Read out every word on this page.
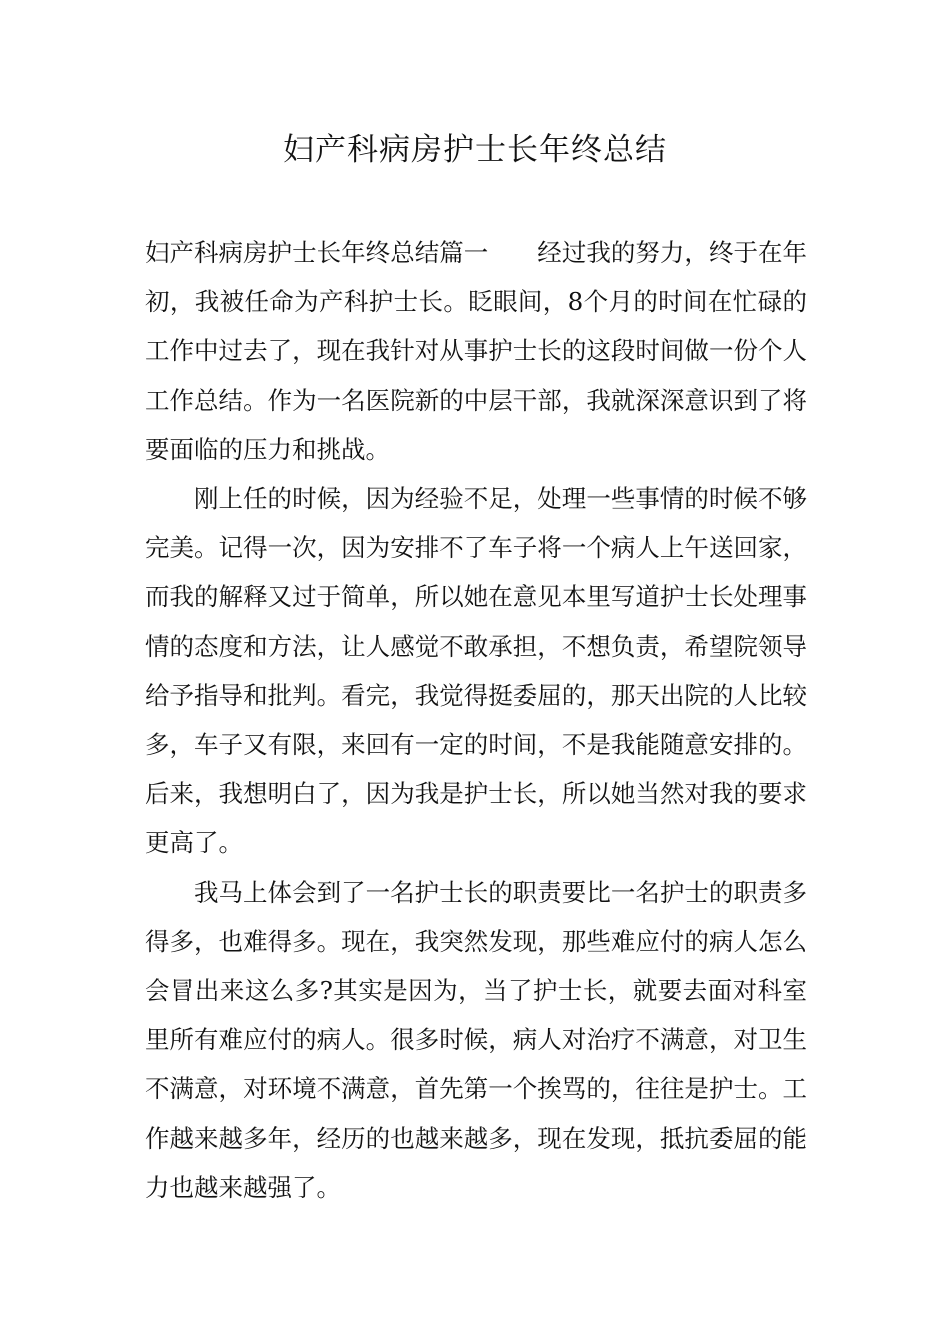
妇产科病房护士长年终总结

妇产科病房护士长年终总结篇一 经过我的努力，终于在年初，我被任命为产科护士长。眨眼间，8个月的时间在忙碌的工作中过去了，现在我针对从事护士长的这段时间做一份个人工作总结。作为一名医院新的中层干部，我就深深意识到了将要面临的压力和挑战。

刚上任的时候，因为经验不足，处理一些事情的时候不够完美。记得一次，因为安排不了车子将一个病人上午送回家，而我的解释又过于简单，所以她在意见本里写道护士长处理事情的态度和方法，让人感觉不敢承担，不想负责，希望院领导给予指导和批判。看完，我觉得挺委屈的，那天出院的人比较多，车子又有限，来回有一定的时间，不是我能随意安排的。后来，我想明白了，因为我是护士长，所以她当然对我的要求更高了。

我马上体会到了一名护士长的职责要比一名护士的职责多得多，也难得多。现在，我突然发现，那些难应付的病人怎么会冒出来这么多?其实是因为，当了护士长，就要去面对科室里所有难应付的病人。很多时候，病人对治疗不满意，对卫生不满意，对环境不满意，首先第一个挨骂的，往往是护士。工作越来越多年，经历的也越来越多，现在发现，抵抗委屈的能力也越来越强了。
